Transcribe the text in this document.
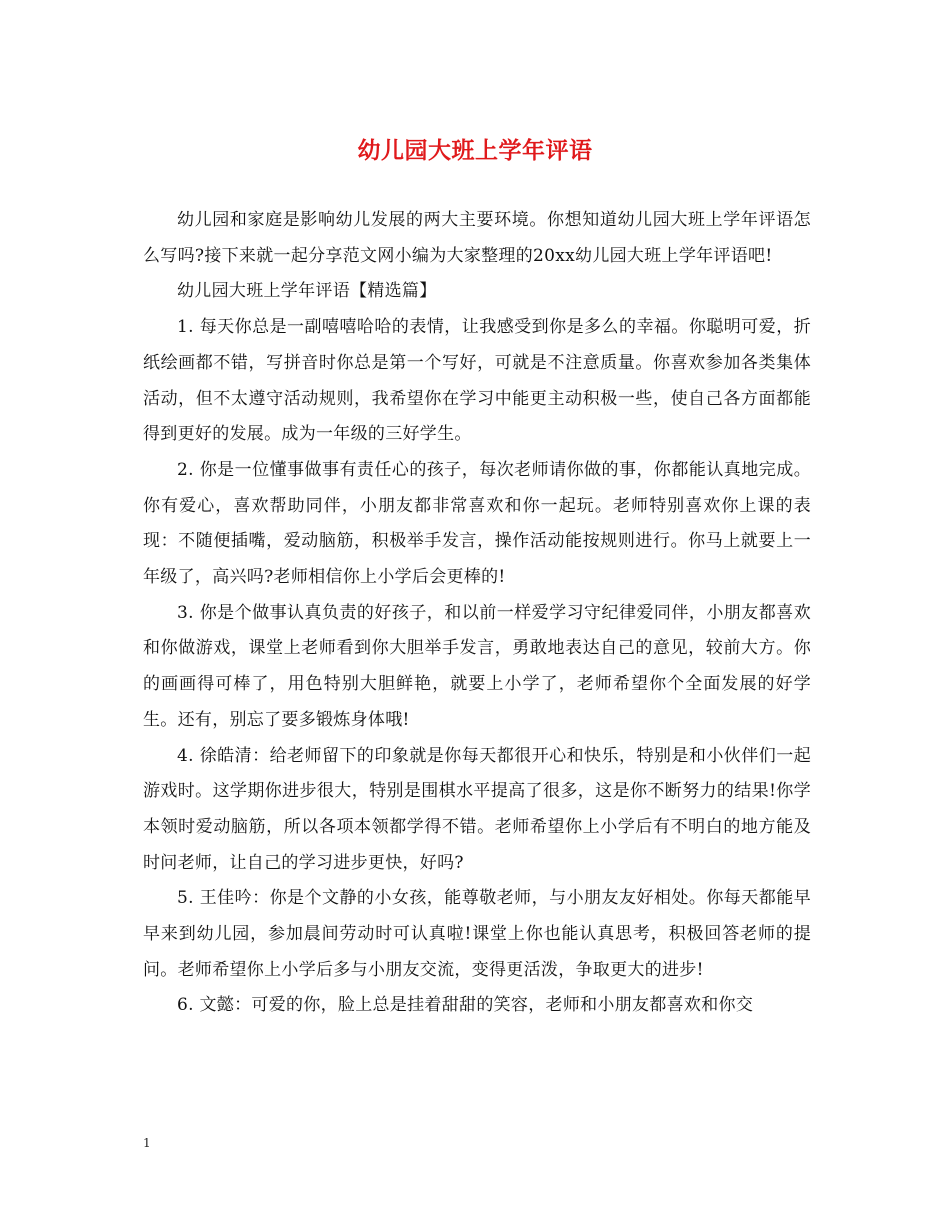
幼儿园大班上学年评语

幼儿园和家庭是影响幼儿发展的两大主要环境。你想知道幼儿园大班上学年评语怎么写吗?接下来就一起分享范文网小编为大家整理的20xx幼儿园大班上学年评语吧!

幼儿园大班上学年评语【精选篇】

1. 每天你总是一副嘻嘻哈哈的表情，让我感受到你是多么的幸福。你聪明可爱，折纸绘画都不错，写拼音时你总是第一个写好，可就是不注意质量。你喜欢参加各类集体活动，但不太遵守活动规则，我希望你在学习中能更主动积极一些，使自己各方面都能得到更好的发展。成为一年级的三好学生。

2. 你是一位懂事做事有责任心的孩子，每次老师请你做的事，你都能认真地完成。你有爱心，喜欢帮助同伴，小朋友都非常喜欢和你一起玩。老师特别喜欢你上课的表现：不随便插嘴，爱动脑筋，积极举手发言，操作活动能按规则进行。你马上就要上一年级了，高兴吗?老师相信你上小学后会更棒的!

3. 你是个做事认真负责的好孩子，和以前一样爱学习守纪律爱同伴，小朋友都喜欢和你做游戏，课堂上老师看到你大胆举手发言，勇敢地表达自己的意见，较前大方。你的画画得可棒了，用色特别大胆鲜艳，就要上小学了，老师希望你个全面发展的好学生。还有，别忘了要多锻炼身体哦!

4. 徐皓清：给老师留下的印象就是你每天都很开心和快乐，特别是和小伙伴们一起游戏时。这学期你进步很大，特别是围棋水平提高了很多，这是你不断努力的结果!你学本领时爱动脑筋，所以各项本领都学得不错。老师希望你上小学后有不明白的地方能及时问老师，让自己的学习进步更快，好吗?

5. 王佳吟：你是个文静的小女孩，能尊敬老师，与小朋友友好相处。你每天都能早早来到幼儿园，参加晨间劳动时可认真啦!课堂上你也能认真思考，积极回答老师的提问。老师希望你上小学后多与小朋友交流，变得更活泼，争取更大的进步!

6. 文懿：可爱的你，脸上总是挂着甜甜的笑容，老师和小朋友都喜欢和你交

1
